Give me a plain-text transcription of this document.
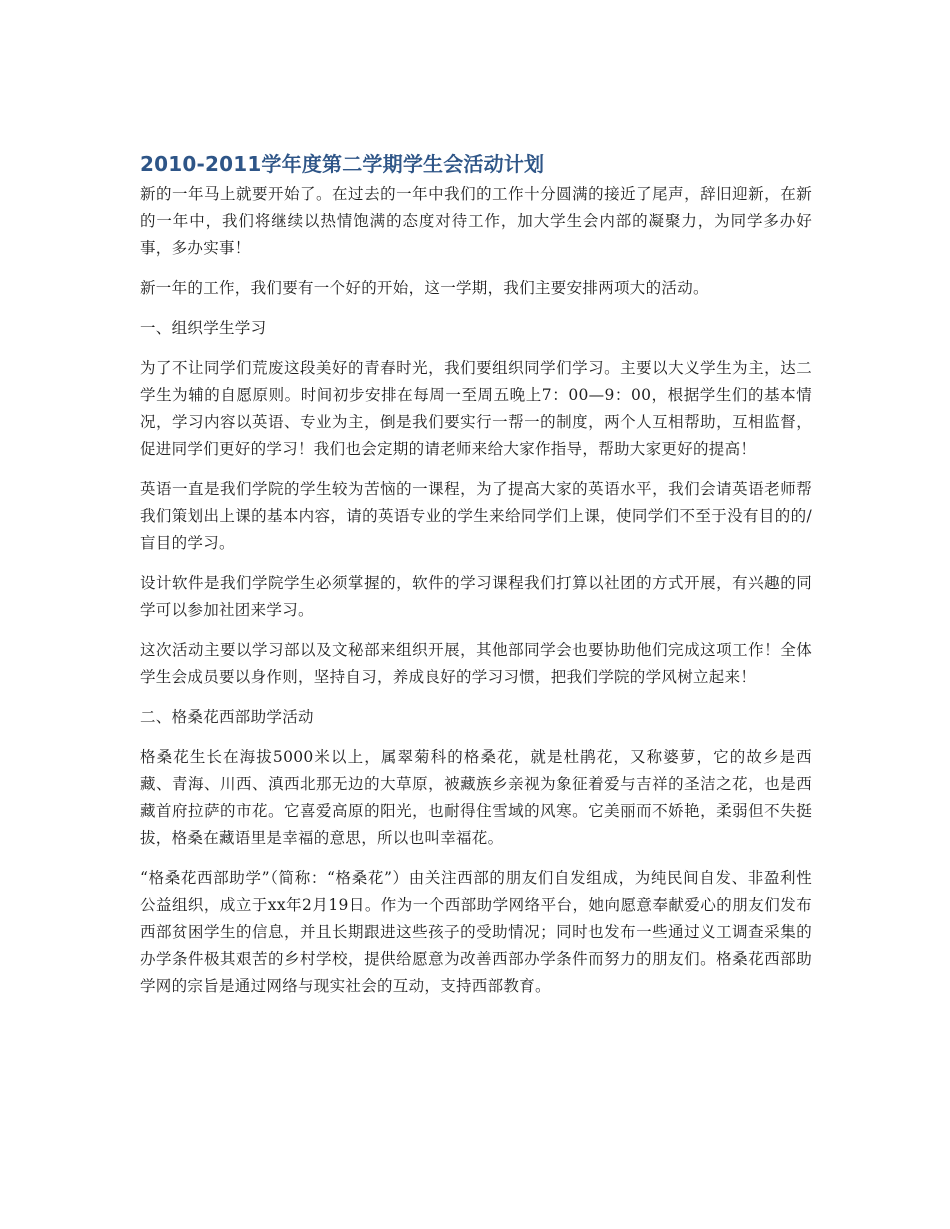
2010-2011学年度第二学期学生会活动计划

新的一年马上就要开始了。在过去的一年中我们的工作十分圆满的接近了尾声，辞旧迎新，在新的一年中，我们将继续以热情饱满的态度对待工作，加大学生会内部的凝聚力，为同学多办好事，多办实事！

新一年的工作，我们要有一个好的开始，这一学期，我们主要安排两项大的活动。

一、组织学生学习

为了不让同学们荒废这段美好的青春时光，我们要组织同学们学习。主要以大义学生为主，达二学生为辅的自愿原则。时间初步安排在每周一至周五晚上7：00—9：00，根据学生们的基本情况，学习内容以英语、专业为主，倒是我们要实行一帮一的制度，两个人互相帮助，互相监督，促进同学们更好的学习！我们也会定期的请老师来给大家作指导，帮助大家更好的提高！

英语一直是我们学院的学生较为苦恼的一课程，为了提高大家的英语水平，我们会请英语老师帮我们策划出上课的基本内容，请的英语专业的学生来给同学们上课，使同学们不至于没有目的的/盲目的学习。

设计软件是我们学院学生必须掌握的，软件的学习课程我们打算以社团的方式开展，有兴趣的同学可以参加社团来学习。

这次活动主要以学习部以及文秘部来组织开展，其他部同学会也要协助他们完成这项工作！全体学生会成员要以身作则，坚持自习，养成良好的学习习惯，把我们学院的学风树立起来！

二、格桑花西部助学活动

格桑花生长在海拔5000米以上，属翠菊科的格桑花，就是杜鹃花，又称婆萝，它的故乡是西藏、青海、川西、滇西北那无边的大草原，被藏族乡亲视为象征着爱与吉祥的圣洁之花，也是西藏首府拉萨的市花。它喜爱高原的阳光，也耐得住雪域的风寒。它美丽而不娇艳，柔弱但不失挺拔，格桑在藏语里是幸福的意思，所以也叫幸福花。

“格桑花西部助学”（简称：“格桑花”）由关注西部的朋友们自发组成，为纯民间自发、非盈利性公益组织，成立于xx年2月19日。作为一个西部助学网络平台，她向愿意奉献爱心的朋友们发布西部贫困学生的信息，并且长期跟进这些孩子的受助情况；同时也发布一些通过义工调查采集的办学条件极其艰苦的乡村学校，提供给愿意为改善西部办学条件而努力的朋友们。格桑花西部助学网的宗旨是通过网络与现实社会的互动，支持西部教育。
